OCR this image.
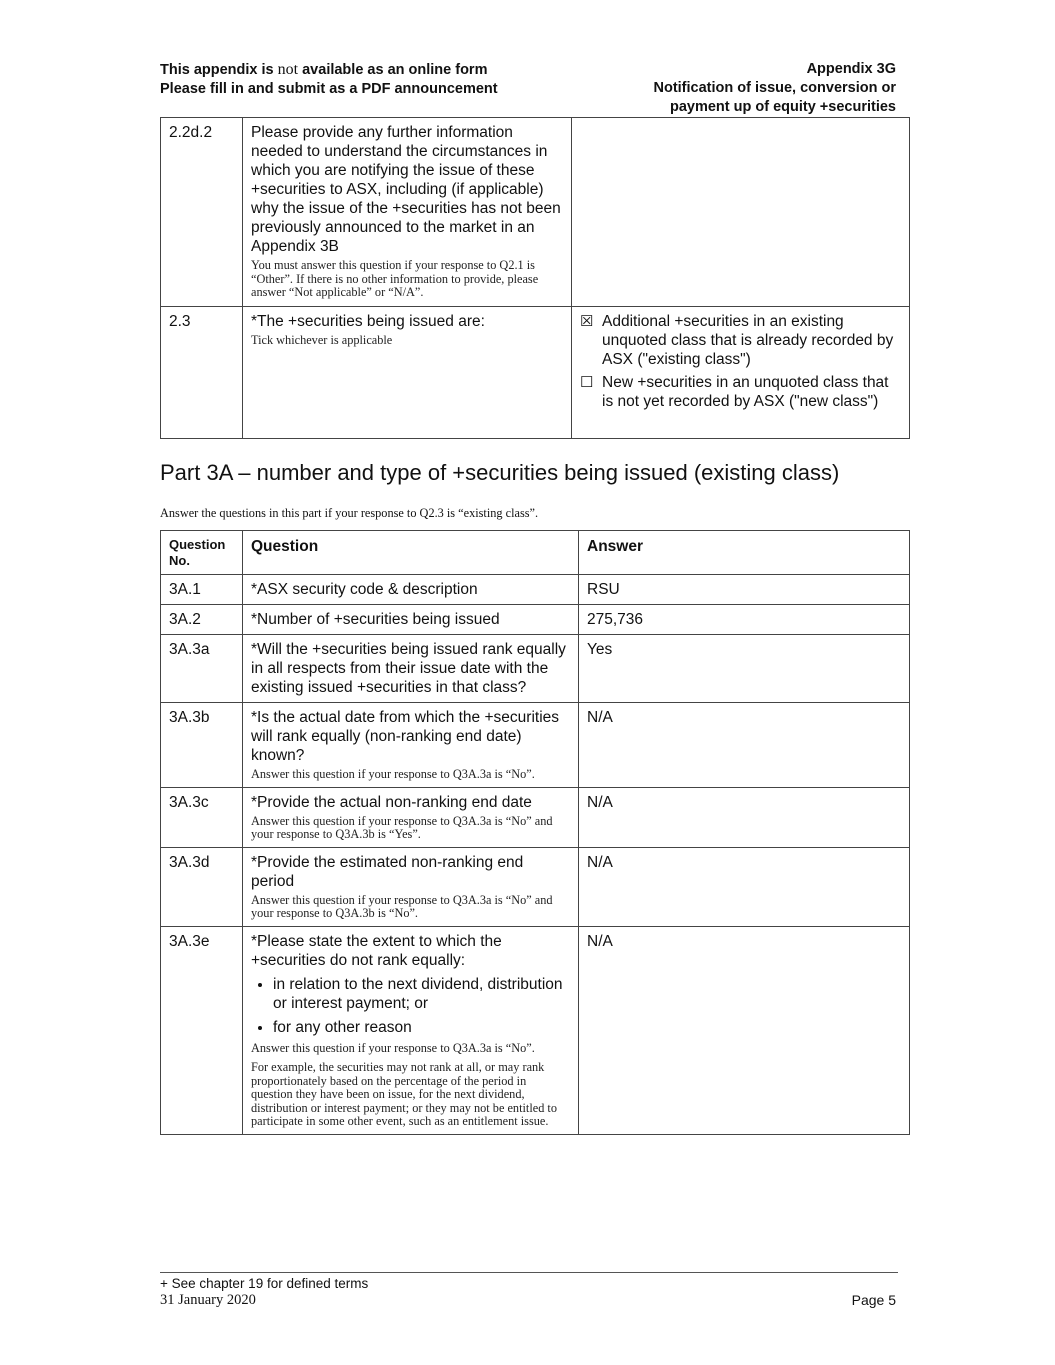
This appendix is not available as an online form
Please fill in and submit as a PDF announcement
Appendix 3G
Notification of issue, conversion or
payment up of equity +securities
2.2d.2	Please provide any further information needed to understand the circumstances in which you are notifying the issue of these +securities to ASX, including (if applicable) why the issue of the +securities has not been previously announced to the market in an Appendix 3B
You must answer this question if your response to Q2.1 is “Other”. If there is no other information to provide, please answer “Not applicable” or “N/A”.	

2.3	*The +securities being issued are:
Tick whichever is applicable

☒ Additional +securities in an existing unquoted class that is already recorded by ASX ("existing class")
☐ New +securities in an unquoted class that is not yet recorded by ASX ("new class")
Part 3A – number and type of +securities being issued (existing class)
Answer the questions in this part if your response to Q2.3 is “existing class”.
Question No.	Question	Answer
3A.1	*ASX security code & description	RSU
3A.2	*Number of +securities being issued	275,736
3A.3a	*Will the +securities being issued rank equally in all respects from their issue date with the existing issued +securities in that class?	Yes
3A.3b	*Is the actual date from which the +securities will rank equally (non-ranking end date) known?
Answer this question if your response to Q3A.3a is “No”.	N/A
3A.3c	*Provide the actual non-ranking end date
Answer this question if your response to Q3A.3a is “No” and your response to Q3A.3b is “Yes”.	N/A
3A.3d	*Provide the estimated non-ranking end period
Answer this question if your response to Q3A.3a is “No” and your response to Q3A.3b is “No”.	N/A
3A.3e	*Please state the extent to which the +securities do not rank equally:
• in relation to the next dividend, distribution or interest payment; or
• for any other reason
Answer this question if your response to Q3A.3a is “No”.
For example, the securities may not rank at all, or may rank proportionately based on the percentage of the period in question they have been on issue, for the next dividend, distribution or interest payment; or they may not be entitled to participate in some other event, such as an entitlement issue.
	N/A
+ See chapter 19 for defined terms
31 January 2020	Page 5
